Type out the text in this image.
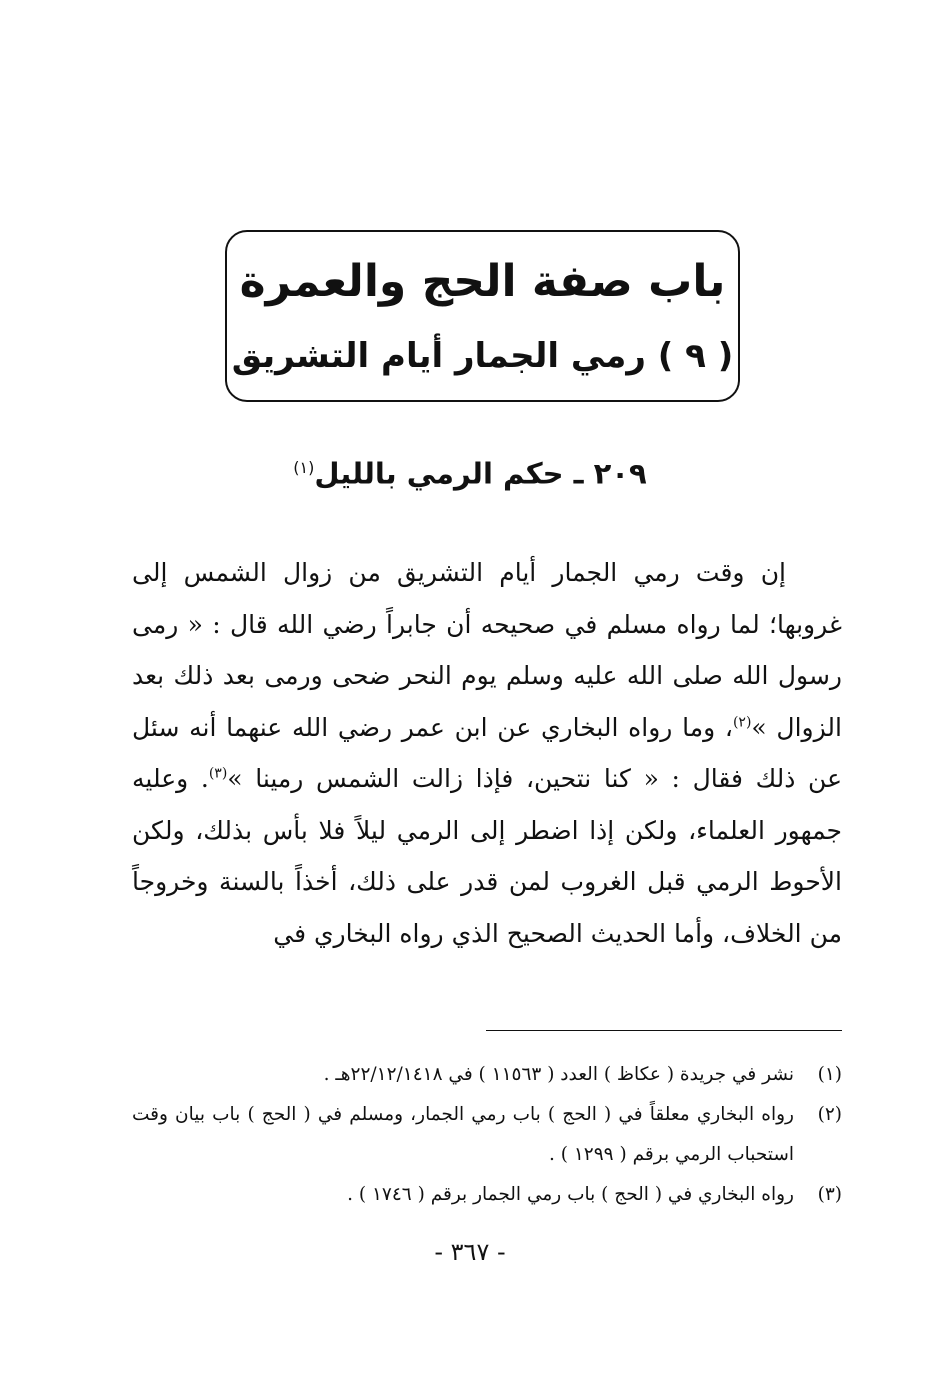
باب صفة الحج والعمرة
( ٩ ) رمي الجمار أيام التشريق
٢٠٩ ـ حكم الرمي بالليل$^{(١)}$
إن وقت رمي الجمار أيام التشريق من زوال الشمس إلى غروبها؛ لما رواه مسلم في صحيحه أن جابراً رضي الله قال : « رمى رسول الله صلى الله عليه وسلم يوم النحر ضحى ورمى بعد ذلك بعد الزوال »$^{(٢)}$، وما رواه البخاري عن ابن عمر رضي الله عنهما أنه سئل عن ذلك فقال : « كنا نتحين، فإذا زالت الشمس رمينا »$^{(٣)}$. وعليه جمهور العلماء، ولكن إذا اضطر إلى الرمي ليلاً فلا بأس بذلك، ولكن الأحوط الرمي قبل الغروب لمن قدر على ذلك، أخذاً بالسنة وخروجاً من الخلاف، وأما الحديث الصحيح الذي رواه البخاري في
(١)
نشر في جريدة ( عكاظ ) العدد ( ١١٥٦٣ ) في ٢٢/١٢/١٤١٨هـ .
(٢)
رواه البخاري معلقاً في ( الحج ) باب رمي الجمار، ومسلم في ( الحج ) باب بيان وقت استحباب الرمي برقم ( ١٢٩٩ ) .
(٣)
رواه البخاري في ( الحج ) باب رمي الجمار برقم ( ١٧٤٦ ) .
- ٣٦٧ -
